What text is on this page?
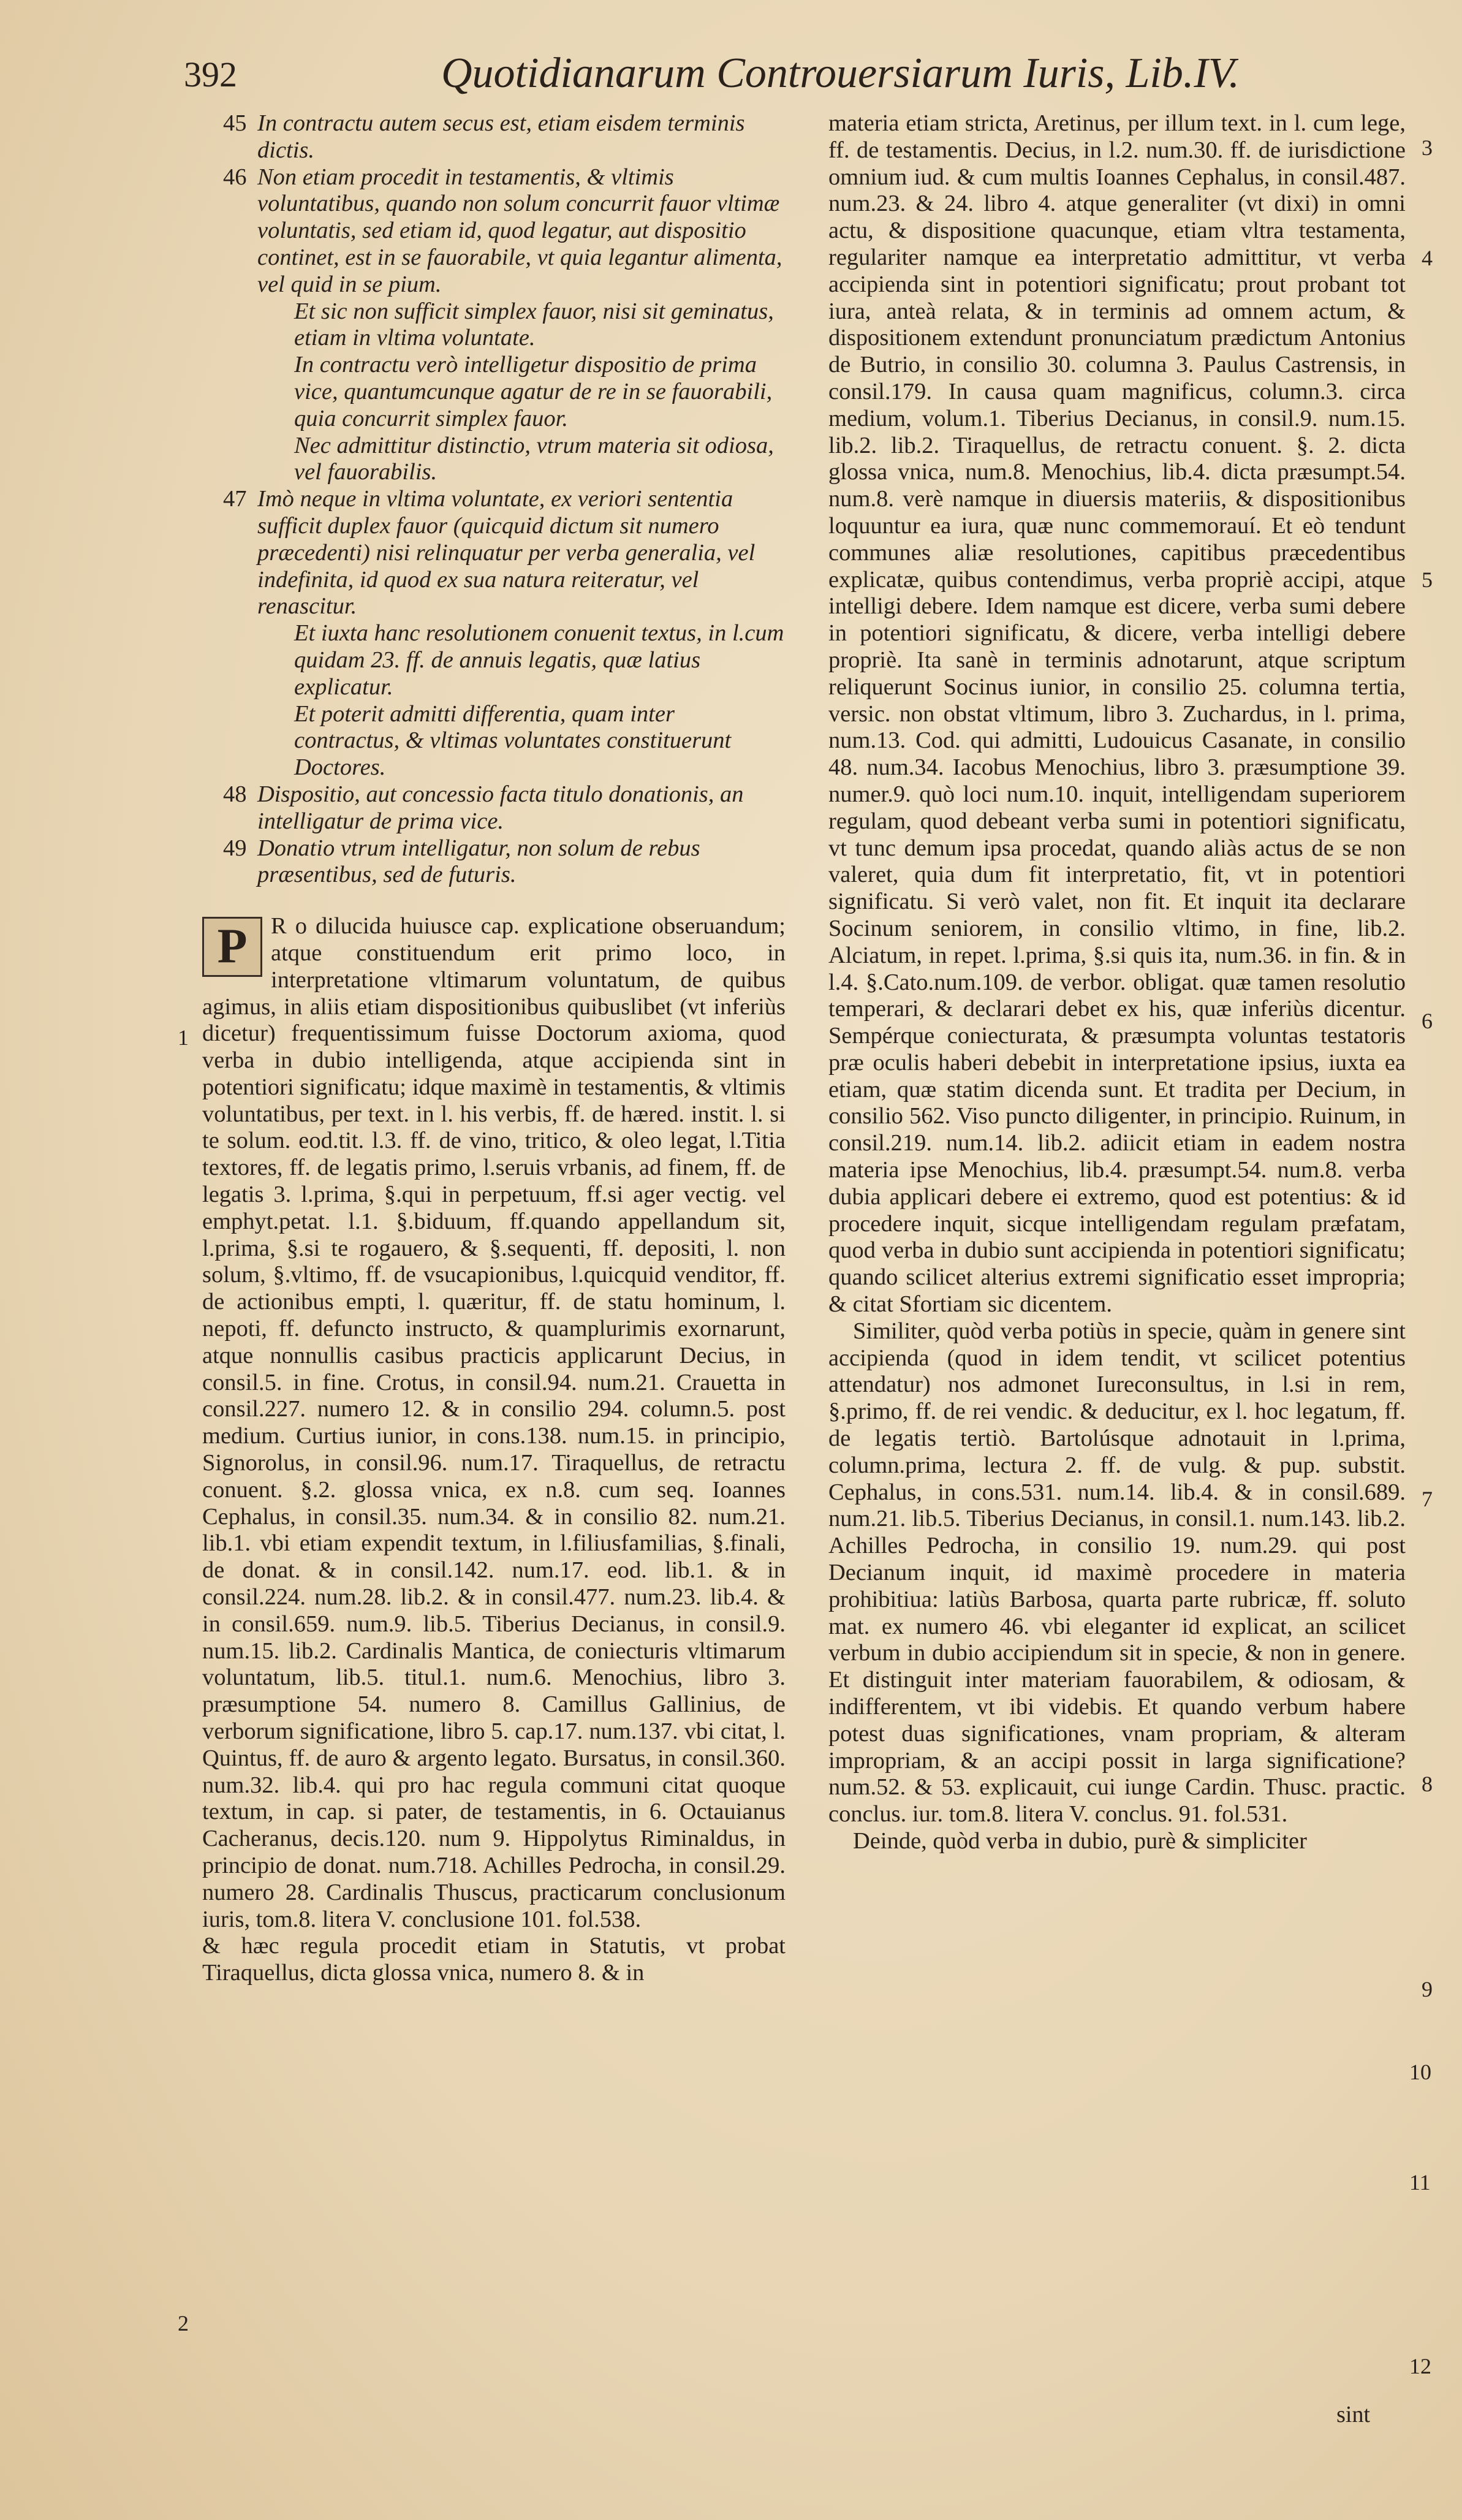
392	Quotidianarum Controuersiarum Iuris, Lib.IV.

45 In contractu autem secus est, etiam eisdem terminis dictis.

46 Non etiam procedit in testamentis, & vltimis voluntatibus, quando non solum concurrit fauor vltimæ voluntatis, sed etiam id, quod legatur, aut dispositio continet, est in se fauorabile, vt quia legantur alimenta, vel quid in se pium.

Et sic non sufficit simplex fauor, nisi sit geminatus, etiam in vltima voluntate.

In contractu verò intelligetur dispositio de prima vice, quantumcunque agatur de re in se fauorabili, quia concurrit simplex fauor.

Nec admittitur distinctio, vtrum materia sit odiosa, vel fauorabilis.

47 Imò neque in vltima voluntate, ex veriori sententia sufficit duplex fauor (quicquid dictum sit numero præcedenti) nisi relinquatur per verba generalia, vel indefinita, id quod ex sua natura reiteratur, vel renascitur.

Et iuxta hanc resolutionem conuenit textus, in l.cum quidam 23. ff. de annuis legatis, quæ latius explicatur.

Et poterit admitti differentia, quam inter contractus, & vltimas voluntates constituerunt Doctores.

48 Dispositio, aut concessio facta titulo donationis, an intelligatur de prima vice.

49 Donatio vtrum intelligatur, non solum de rebus præsentibus, sed de futuris.

P	R o dilucida huiusce cap. explicatione obseruandum; atque constituendum erit primo loco, in interpretatione vltimarum voluntatum, de quibus agimus, in aliis etiam dispositionibus quibuslibet (vt inferiùs dicetur) frequentissimum fuisse Doctorum axioma, quod verba in dubio intelligenda, atque accipienda sint in potentiori significatu; idque maximè in testamentis, & vltimis voluntatibus, per text. in l. his verbis, ff. de hæred. instit. l. si te solum. eod.tit. l.3. ff. de vino, tritico, & oleo legat, l.Titia textores, ff. de legatis primo, l.seruis vrbanis, ad finem, ff. de legatis 3. l.prima, §.qui in perpetuum, ff.si ager vectig. vel emphyt.petat. l.1. §.biduum, ff.quando appellandum sit, l.prima, §.si te rogauero, & §.sequenti, ff. depositi, l. non solum, §.vltimo, ff. de vsucapionibus, l.quicquid venditor, ff. de actionibus empti, l. quæritur, ff. de statu hominum, l. nepoti, ff. defuncto instructo, & quamplurimis exornarunt, atque nonnullis casibus practicis applicarunt Decius, in consil.5. in fine. Crotus, in consil.94. num.21. Crauetta in consil.227. numero 12. & in consilio 294. column.5. post medium. Curtius iunior, in cons.138. num.15. in principio, Signorolus, in consil.96. num.17. Tiraquellus, de retractu conuent. §.2. glossa vnica, ex n.8. cum seq. Ioannes Cephalus, in consil.35. num.34. & in consilio 82. num.21. lib.1. vbi etiam expendit textum, in l.filiusfamilias, §.finali, de donat. & in consil.142. num.17. eod. lib.1. & in consil.224. num.28. lib.2. & in consil.477. num.23. lib.4. & in consil.659. num.9. lib.5. Tiberius Decianus, in consil.9. num.15. lib.2. Cardinalis Mantica, de coniecturis vltimarum voluntatum, lib.5. titul.1. num.6. Menochius, libro 3. præsumptione 54. numero 8. Camillus Gallinius, de verborum significatione, libro 5. cap.17. num.137. vbi citat, l. Quintus, ff. de auro & argento legato. Bursatus, in consil.360. num.32. lib.4. qui pro hac regula communi citat quoque textum, in cap. si pater, de testamentis, in 6. Octauianus Cacheranus, decis.120. num 9. Hippolytus Riminaldus, in principio de donat. num.718. Achilles Pedrocha, in consil.29. numero 28. Cardinalis Thuscus, practicarum conclusionum iuris, tom.8. litera V. conclusione 101. fol.538.

& hæc regula procedit etiam in Statutis, vt probat Tiraquellus, dicta glossa vnica, numero 8. & in

1
2

materia etiam stricta, Aretinus, per illum text. in l. cum lege, ff. de testamentis. Decius, in l.2. num.30. ff. de iurisdictione omnium iud. & cum multis Ioannes Cephalus, in consil.487. num.23. & 24. libro 4. atque generaliter (vt dixi) in omni actu, & dispositione quacunque, etiam vltra testamenta, regulariter namque ea interpretatio admittitur, vt verba accipienda sint in potentiori significatu; prout probant tot iura, anteà relata, & in terminis ad omnem actum, & dispositionem extendunt pronunciatum prædictum Antonius de Butrio, in consilio 30. columna 3. Paulus Castrensis, in consil.179. In causa quam magnificus, column.3. circa medium, volum.1. Tiberius Decianus, in consil.9. num.15. lib.2. lib.2. Tiraquellus, de retractu conuent. §. 2. dicta glossa vnica, num.8. Menochius, lib.4. dicta præsumpt.54. num.8. verè namque in diuersis materiis, & dispositionibus loquuntur ea iura, quæ nunc commemorauí. Et eò tendunt communes aliæ resolutiones, capitibus præcedentibus explicatæ, quibus contendimus, verba propriè accipi, atque intelligi debere. Idem namque est dicere, verba sumi debere in potentiori significatu, & dicere, verba intelligi debere propriè. Ita sanè in terminis adnotarunt, atque scriptum reliquerunt Socinus iunior, in consilio 25. columna tertia, versic. non obstat vltimum, libro 3. Zuchardus, in l. prima, num.13. Cod. qui admitti, Ludouicus Casanate, in consilio 48. num.34. Iacobus Menochius, libro 3. præsumptione 39. numer.9. quò loci num.10. inquit, intelligendam superiorem regulam, quod debeant verba sumi in potentiori significatu, vt tunc demum ipsa procedat, quando aliàs actus de se non valeret, quia dum fit interpretatio, fit, vt in potentiori significatu. Si verò valet, non fit. Et inquit ita declarare Socinum seniorem, in consilio vltimo, in fine, lib.2. Alciatum, in repet. l.prima, §.si quis ita, num.36. in fin. & in l.4. §.Cato.num.109. de verbor. obligat. quæ tamen resolutio temperari, & declarari debet ex his, quæ inferiùs dicentur. Sempérque coniecturata, & præsumpta voluntas testatoris præ oculis haberi debebit in interpretatione ipsius, iuxta ea etiam, quæ statim dicenda sunt. Et tradita per Decium, in consilio 562. Viso puncto diligenter, in principio. Ruinum, in consil.219. num.14. lib.2. adiicit etiam in eadem nostra materia ipse Menochius, lib.4. præsumpt.54. num.8. verba dubia applicari debere ei extremo, quod est potentius: & id procedere inquit, sicque intelligendam regulam præfatam, quod verba in dubio sunt accipienda in potentiori significatu; quando scilicet alterius extremi significatio esset impropria; & citat Sfortiam sic dicentem.

Similiter, quòd verba potiùs in specie, quàm in genere sint accipienda (quod in idem tendit, vt scilicet potentius attendatur) nos admonet Iureconsultus, in l.si in rem, §.primo, ff. de rei vendic. & deducitur, ex l. hoc legatum, ff. de legatis tertiò. Bartolúsque adnotauit in l.prima, column.prima, lectura 2. ff. de vulg. & pup. substit. Cephalus, in cons.531. num.14. lib.4. & in consil.689. num.21. lib.5. Tiberius Decianus, in consil.1. num.143. lib.2. Achilles Pedrocha, in consilio 19. num.29. qui post Decianum inquit, id maximè procedere in materia prohibitiua: latiùs Barbosa, quarta parte rubricæ, ff. soluto mat. ex numero 46. vbi eleganter id explicat, an scilicet verbum in dubio accipiendum sit in specie, & non in genere. Et distinguit inter materiam fauorabilem, & odiosam, & indifferentem, vt ibi videbis. Et quando verbum habere potest duas significationes, vnam propriam, & alteram impropriam, & an accipi possit in larga significatione? num.52. & 53. explicauit, cui iunge Cardin. Thusc. practic. conclus. iur. tom.8. litera V. conclus. 91. fol.531.

Deinde, quòd verba in dubio, purè & simpliciter

3
4
5
6
7
8
9
10
11
12
sint
